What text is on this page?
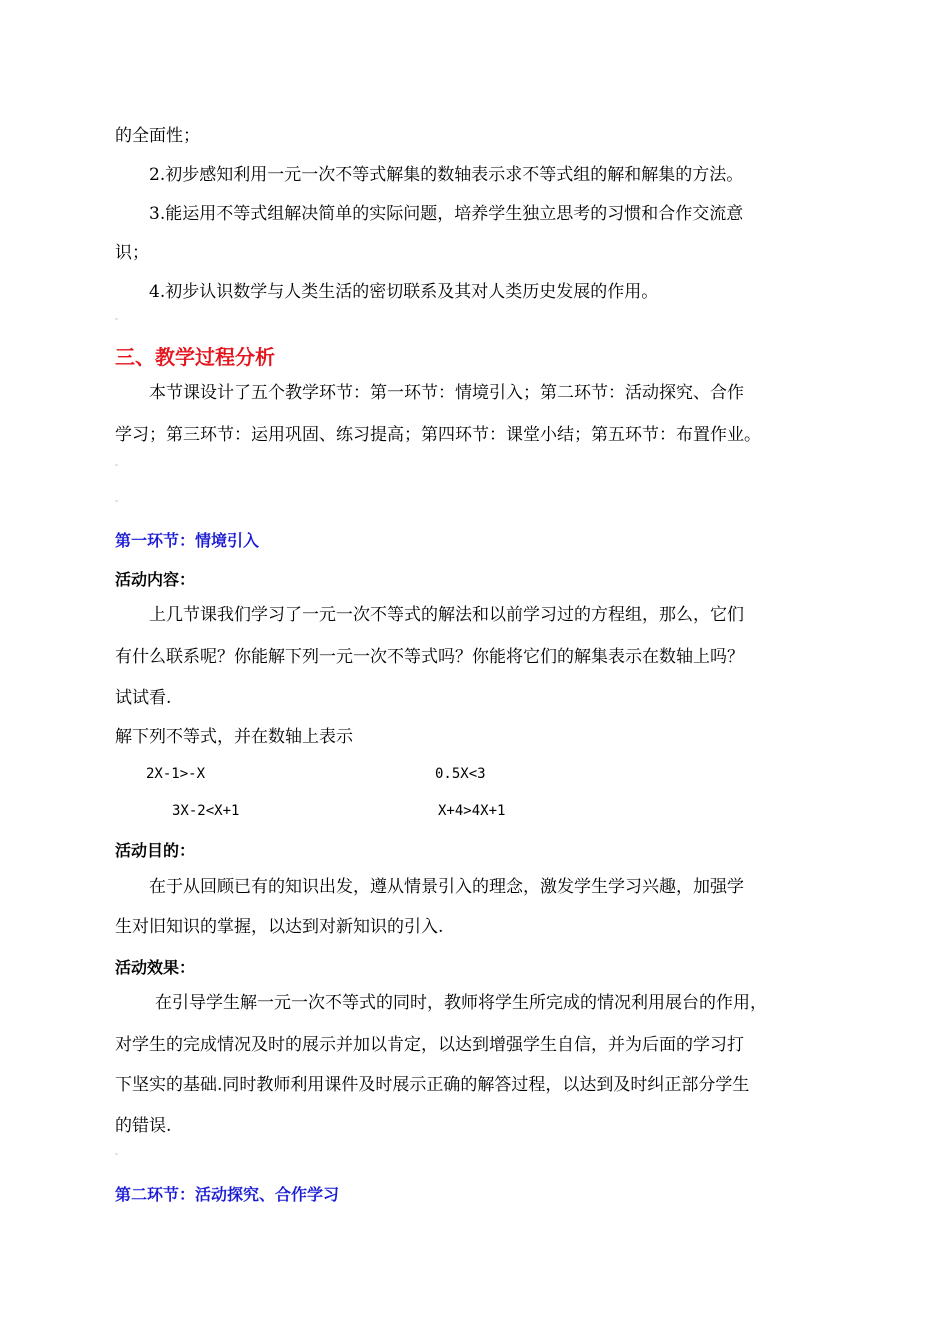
的全面性；
2.初步感知利用一元一次不等式解集的数轴表示求不等式组的解和解集的方法。
3.能运用不等式组解决简单的实际问题，培养学生独立思考的习惯和合作交流意
识；
4.初步认识数学与人类生活的密切联系及其对人类历史发展的作用。
三、教学过程分析
本节课设计了五个教学环节：第一环节：情境引入；第二环节：活动探究、合作
学习；第三环节：运用巩固、练习提高；第四环节：课堂小结；第五环节：布置作业。
第一环节：情境引入
活动内容：
上几节课我们学习了一元一次不等式的解法和以前学习过的方程组，那么，它们
有什么联系呢？你能解下列一元一次不等式吗？你能将它们的解集表示在数轴上吗？
试试看.
解下列不等式，并在数轴上表示
2X-1>-X	0.5X<3
3X-2<X+1	X+4>4X+1
活动目的：
在于从回顾已有的知识出发，遵从情景引入的理念，激发学生学习兴趣，加强学
生对旧知识的掌握，以达到对新知识的引入.
活动效果：
在引导学生解一元一次不等式的同时，教师将学生所完成的情况利用展台的作用，
对学生的完成情况及时的展示并加以肯定，以达到增强学生自信，并为后面的学习打
下坚实的基础.同时教师利用课件及时展示正确的解答过程，以达到及时纠正部分学生
的错误.
第二环节：活动探究、合作学习
